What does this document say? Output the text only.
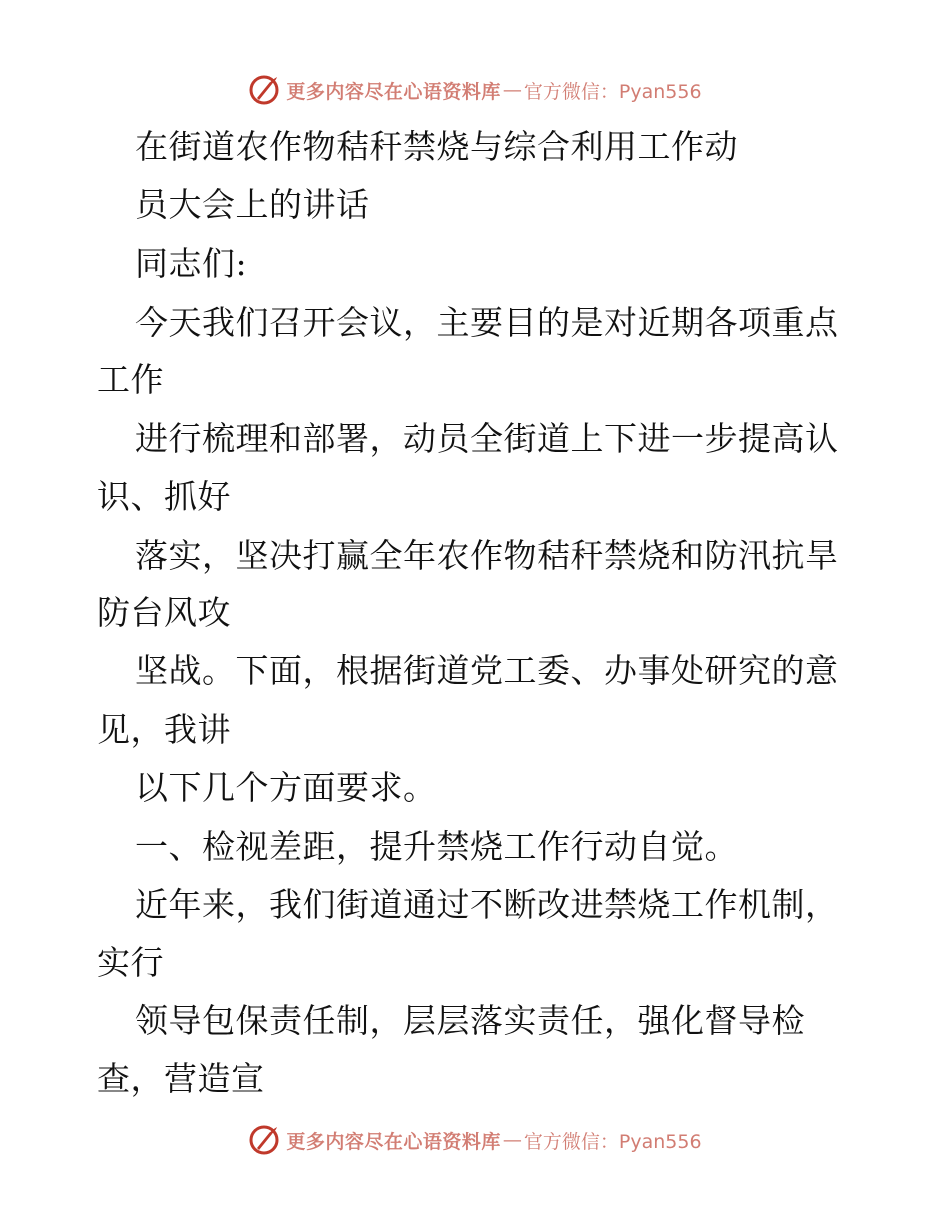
更多内容尽在心语资料库 — 官方微信：Pyan556
在街道农作物秸秆禁烧与综合利用工作动
员大会上的讲话
同志们:
今天我们召开会议，主要目的是对近期各项重点
工作
进行梳理和部署，动员全街道上下进一步提高认
识、抓好
落实，坚决打赢全年农作物秸秆禁烧和防汛抗旱
防台风攻
坚战。下面，根据街道党工委、办事处研究的意
见，我讲
以下几个方面要求。
一、检视差距，提升禁烧工作行动自觉。
近年来，我们街道通过不断改进禁烧工作机制，
实行
领导包保责任制，层层落实责任，强化督导检
查，营造宣
更多内容尽在心语资料库 — 官方微信：Pyan556
